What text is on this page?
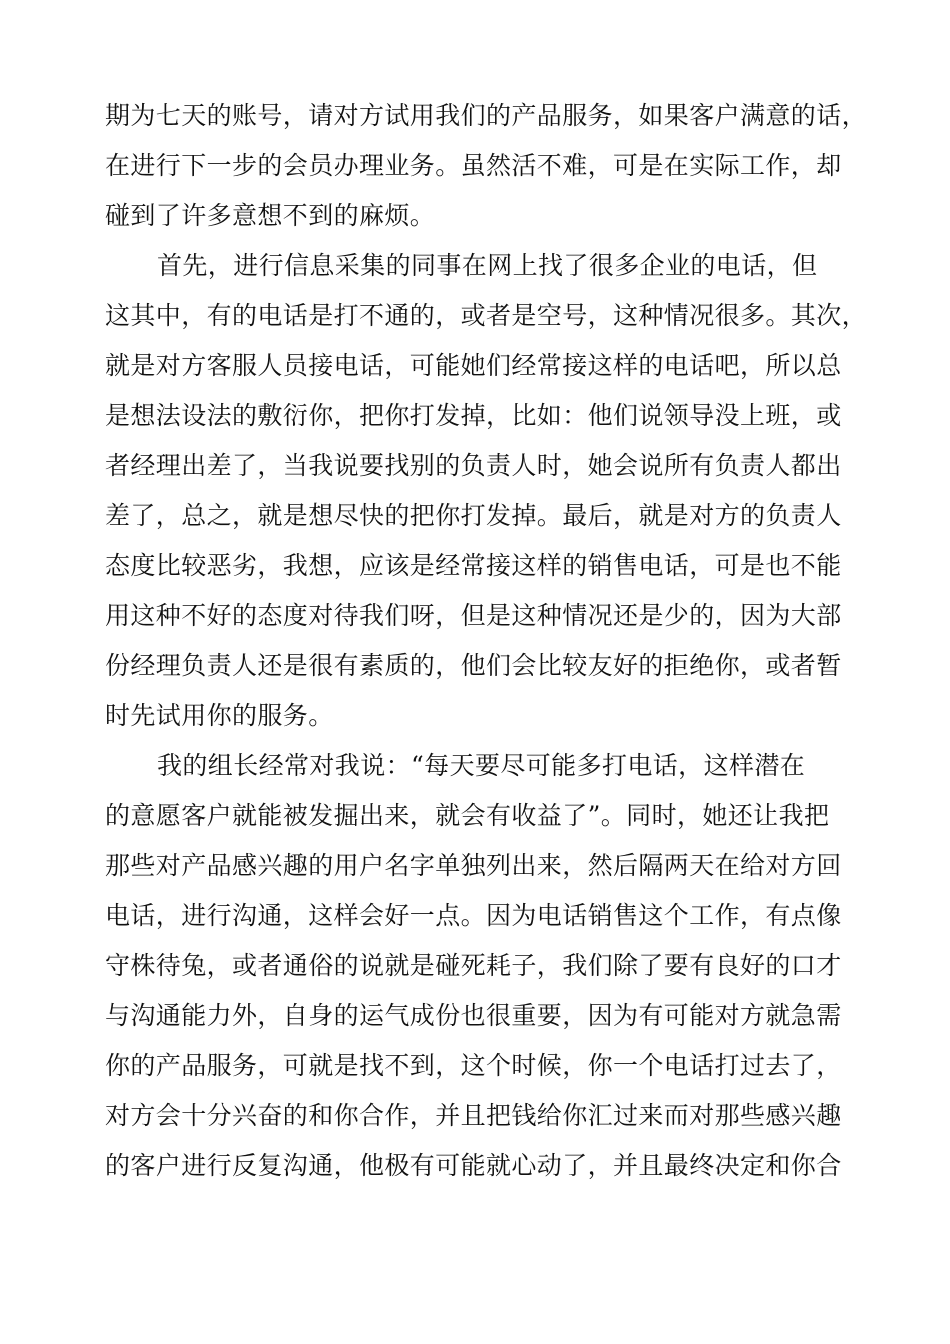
期为七天的账号，请对方试用我们的产品服务，如果客户满意的话，
在进行下一步的会员办理业务。虽然活不难，可是在实际工作，却
碰到了许多意想不到的麻烦。
首先，进行信息采集的同事在网上找了很多企业的电话，但
这其中，有的电话是打不通的，或者是空号，这种情况很多。其次，
就是对方客服人员接电话，可能她们经常接这样的电话吧，所以总
是想法设法的敷衍你，把你打发掉，比如：他们说领导没上班，或
者经理出差了，当我说要找别的负责人时，她会说所有负责人都出
差了，总之，就是想尽快的把你打发掉。最后，就是对方的负责人
态度比较恶劣，我想，应该是经常接这样的销售电话，可是也不能
用这种不好的态度对待我们呀，但是这种情况还是少的，因为大部
份经理负责人还是很有素质的，他们会比较友好的拒绝你，或者暂
时先试用你的服务。
我的组长经常对我说：“每天要尽可能多打电话，这样潜在
的意愿客户就能被发掘出来，就会有收益了”。同时，她还让我把
那些对产品感兴趣的用户名字单独列出来，然后隔两天在给对方回
电话，进行沟通，这样会好一点。因为电话销售这个工作，有点像
守株待兔，或者通俗的说就是碰死耗子，我们除了要有良好的口才
与沟通能力外，自身的运气成份也很重要，因为有可能对方就急需
你的产品服务，可就是找不到，这个时候，你一个电话打过去了，
对方会十分兴奋的和你合作，并且把钱给你汇过来而对那些感兴趣
的客户进行反复沟通，他极有可能就心动了，并且最终决定和你合
